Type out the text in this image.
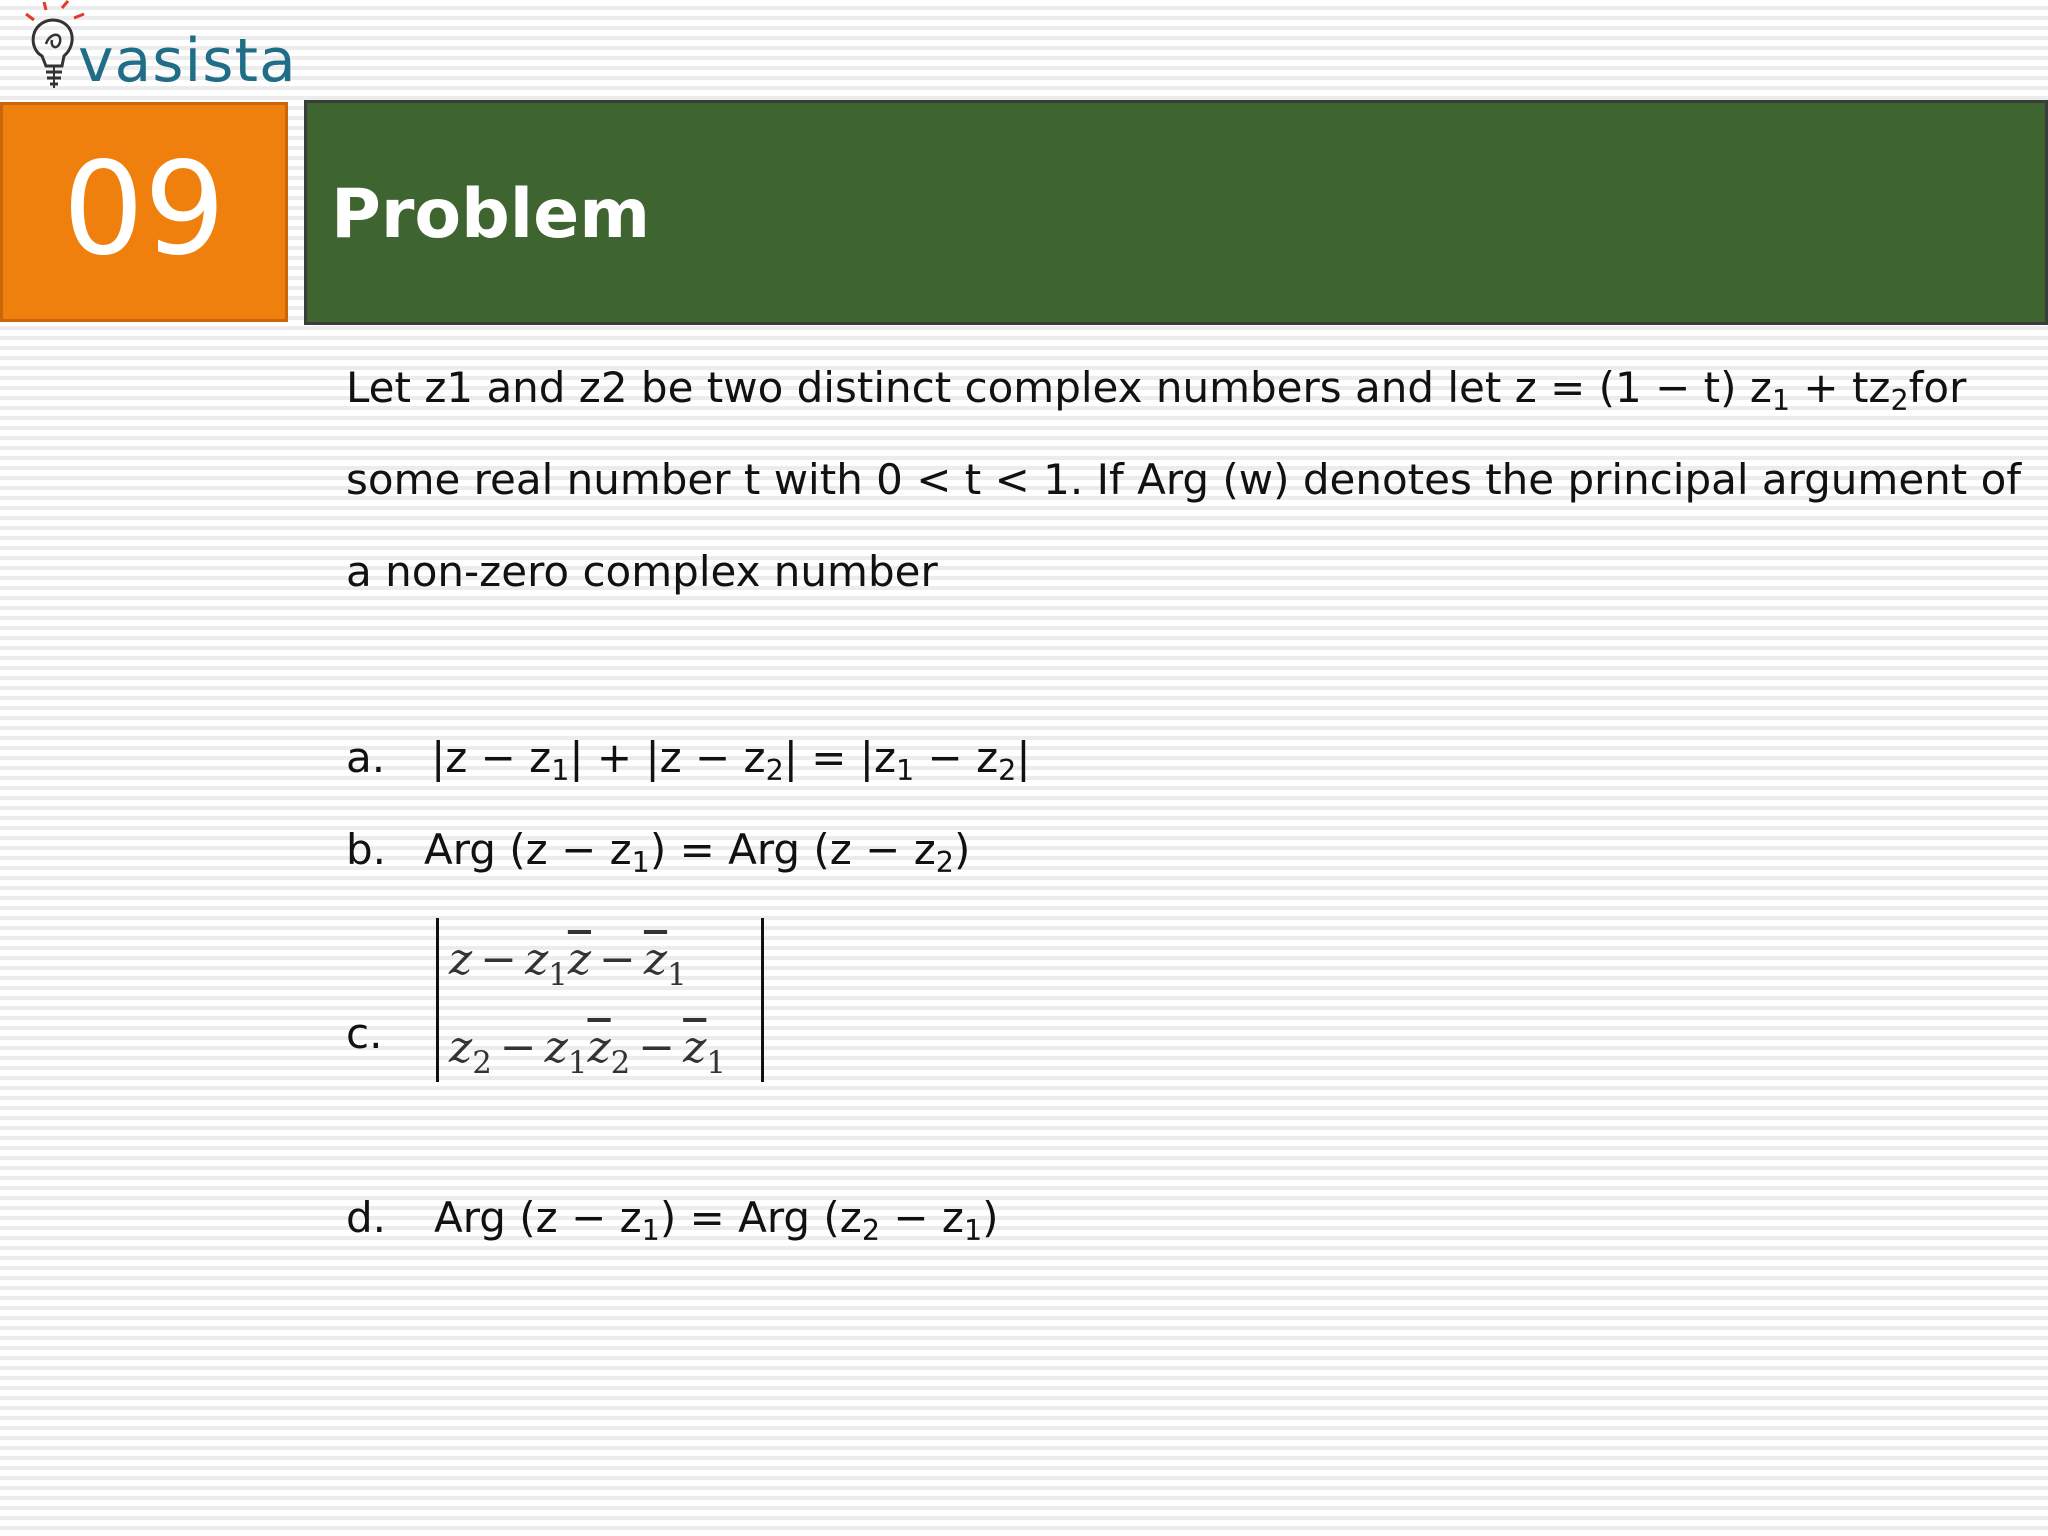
vasista
09 Problem
Let z1 and z2 be two distinct complex numbers and let z = (1 − t) $z_1 + tz_2for$
some real number t with 0 < t < 1. If Arg (w) denotes the principal argument of
a non-zero complex number
a. $|z - z_1| + |z - z_2| = |z_1 - z_2|$
b. Arg $(z - z_1)$ = Arg $(z - z_2)$
c.
$z - z_1\overline{z} - \overline{z}_1$
$z_2 - z_1\overline{z}_2 - \overline{z}_1$
d. Arg $(z - z_1)$ = Arg $(z_2 - z_1)$
